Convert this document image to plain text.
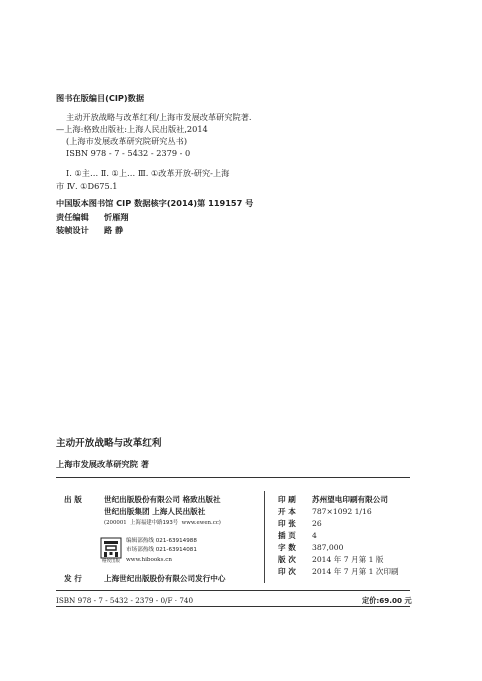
图书在版编目(CIP)数据
主动开放战略与改革红利/上海市发展改革研究院著.
—上海:格致出版社:上海人民出版社,2014
(上海市发展改革研究院研究丛书)
ISBN 978 - 7 - 5432 - 2379 - 0
Ⅰ. ①主… Ⅱ. ①上… Ⅲ. ①改革开放-研究-上海
市 Ⅳ. ①D675.1
中国版本图书馆 CIP 数据核字(2014)第 119157 号
责任编辑 忻雁翔
装帧设计 路 静
主动开放战略与改革红利
上海市发展改革研究院 著
出 版	世纪出版股份有限公司 格致出版社
世纪出版集团 上海人民出版社
(200001 上海福建中路193号 www.ewen.cc)
格致出版
编辑部热线 021-63914988
市场部热线 021-63914081
www.hibooks.cn
发 行	上海世纪出版股份有限公司发行中心
印 刷 苏州望电印刷有限公司
开 本 787×1092 1/16
印 张 26
插 页 4
字 数 387,000
版 次 2014 年 7 月第 1 版
印 次 2014 年 7 月第 1 次印刷
ISBN 978 - 7 - 5432 - 2379 - 0/F · 740	定价:69.00 元
